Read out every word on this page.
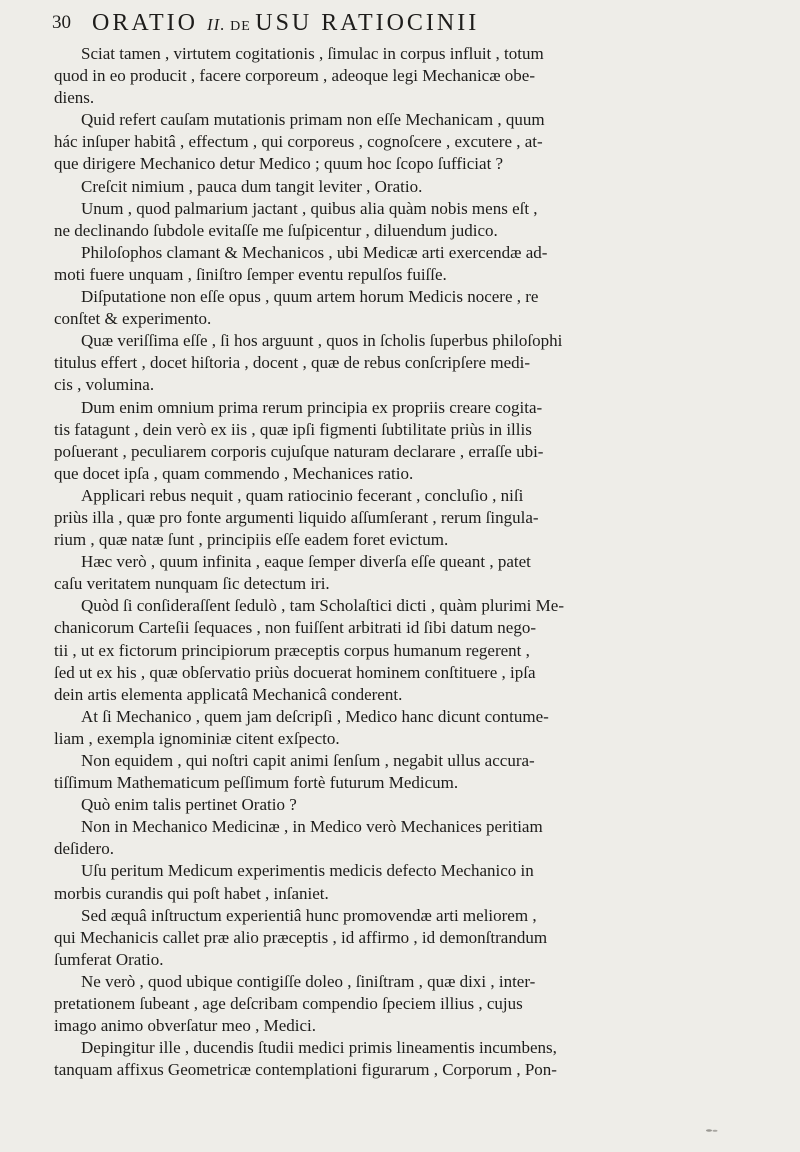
30 ORATIO II. DE USU RATIOCINII
Sciat tamen , virtutem cogitationis , ſimulac in corpus influit , totum
quod in eo producit , facere corporeum , adeoque legi Mechanicæ obe-
diens.
Quid refert cauſam mutationis primam non eſſe Mechanicam , quum
hác inſuper habitâ , effectum , qui corporeus , cognoſcere , excutere , at-
que dirigere Mechanico detur Medico ; quum hoc ſcopo ſufficiat ?
Creſcit nimium , pauca dum tangit leviter , Oratio.
Unum , quod palmarium jactant , quibus alia quàm nobis mens eſt ,
ne declinando ſubdole evitaſſe me ſuſpicentur , diluendum judico.
Philoſophos clamant & Mechanicos , ubi Medicæ arti exercendæ ad-
moti fuere unquam , ſiniſtro ſemper eventu repulſos fuiſſe.
Diſputatione non eſſe opus , quum artem horum Medicis nocere , re
conſtet & experimento.
Quæ veriſſima eſſe , ſi hos arguunt , quos in ſcholis ſuperbus philoſophi
titulus effert , docet hiſtoria , docent , quæ de rebus conſcripſere medi-
cis , volumina.
Dum enim omnium prima rerum principia ex propriis creare cogita-
tis fatagunt , dein verò ex iis , quæ ipſi figmenti ſubtilitate priùs in illis
poſuerant , peculiarem corporis cujuſque naturam declarare , erraſſe ubi-
que docet ipſa , quam commendo , Mechanices ratio.
Applicari rebus nequit , quam ratiocinio fecerant , concluſio , niſi
priùs illa , quæ pro fonte argumenti liquido aſſumſerant , rerum ſingula-
rium , quæ natæ ſunt , principiis eſſe eadem foret evictum.
Hæc verò , quum infinita , eaque ſemper diverſa eſſe queant , patet
caſu veritatem nunquam ſic detectum iri.
Quòd ſi conſideraſſent ſedulò , tam Scholaſtici dicti , quàm plurimi Me-
chanicorum Carteſii ſequaces , non fuiſſent arbitrati id ſibi datum nego-
tii , ut ex fictorum principiorum præceptis corpus humanum regerent ,
ſed ut ex his , quæ obſervatio priùs docuerat hominem conſtituere , ipſa
dein artis elementa applicatâ Mechanicâ conderent.
At ſi Mechanico , quem jam deſcripſi , Medico hanc dicunt contume-
liam , exempla ignominiæ citent exſpecto.
Non equidem , qui noſtri capit animi ſenſum , negabit ullus accura-
tiſſimum Mathematicum peſſimum fortè futurum Medicum.
Quò enim talis pertinet Oratio ?
Non in Mechanico Medicinæ , in Medico verò Mechanices peritiam
deſidero.
Uſu peritum Medicum experimentis medicis defecto Mechanico in
morbis curandis qui poſt habet , inſaniet.
Sed æquâ inſtructum experientiâ hunc promovendæ arti meliorem ,
qui Mechanicis callet præ alio præceptis , id affirmo , id demonſtrandum
ſumferat Oratio.
Ne verò , quod ubique contigiſſe doleo , ſiniſtram , quæ dixi , inter-
pretationem ſubeant , age deſcribam compendio ſpeciem illius , cujus
imago animo obverſatur meo , Medici.
Depingitur ille , ducendis ſtudii medici primis lineamentis incumbens,
tanquam affixus Geometricæ contemplationi figurarum , Corporum , Pon-
